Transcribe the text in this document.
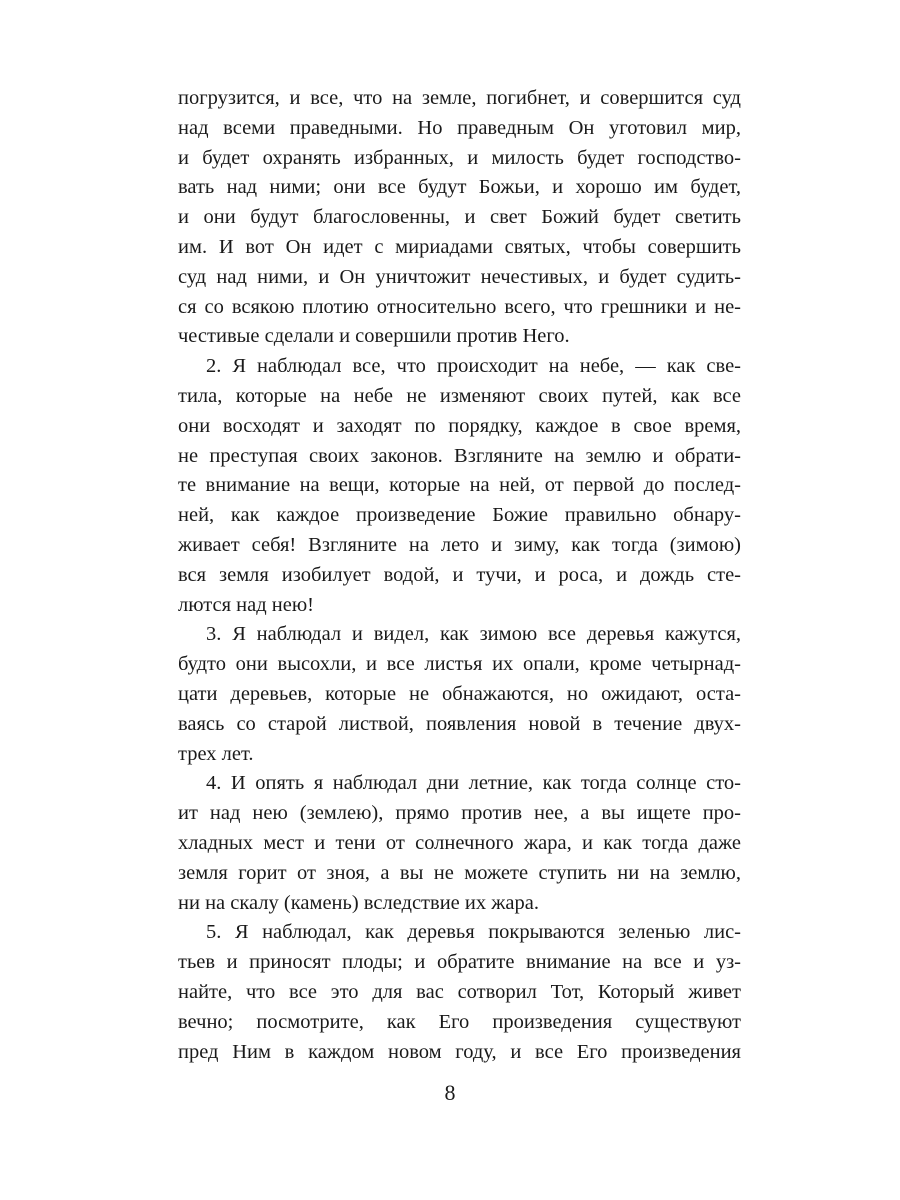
погрузится, и все, что на земле, погибнет, и совершится суд
над всеми праведными. Но праведным Он уготовил мир,
и будет охранять избранных, и милость будет господство-
вать над ними; они все будут Божьи, и хорошо им будет,
и они будут благословенны, и свет Божий будет светить
им. И вот Он идет с мириадами святых, чтобы совершить
суд над ними, и Он уничтожит нечестивых, и будет судить-
ся со всякою плотию относительно всего, что грешники и не-
честивые сделали и совершили против Него.
2. Я наблюдал все, что происходит на небе, — как све-
тила, которые на небе не изменяют своих путей, как все
они восходят и заходят по порядку, каждое в свое время,
не преступая своих законов. Взгляните на землю и обрати-
те внимание на вещи, которые на ней, от первой до послед-
ней, как каждое произведение Божие правильно обнару-
живает себя! Взгляните на лето и зиму, как тогда (зимою)
вся земля изобилует водой, и тучи, и роса, и дождь сте-
лются над нею!
3. Я наблюдал и видел, как зимою все деревья кажутся,
будто они высохли, и все листья их опали, кроме четырнад-
цати деревьев, которые не обнажаются, но ожидают, оста-
ваясь со старой листвой, появления новой в течение двух-
трех лет.
4. И опять я наблюдал дни летние, как тогда солнце сто-
ит над нею (землею), прямо против нее, а вы ищете про-
хладных мест и тени от солнечного жара, и как тогда даже
земля горит от зноя, а вы не можете ступить ни на землю,
ни на скалу (камень) вследствие их жара.
5. Я наблюдал, как деревья покрываются зеленью лис-
тьев и приносят плоды; и обратите внимание на все и уз-
найте, что все это для вас сотворил Тот, Который живет
вечно; посмотрите, как Его произведения существуют
пред Ним в каждом новом году, и все Его произведения
8
